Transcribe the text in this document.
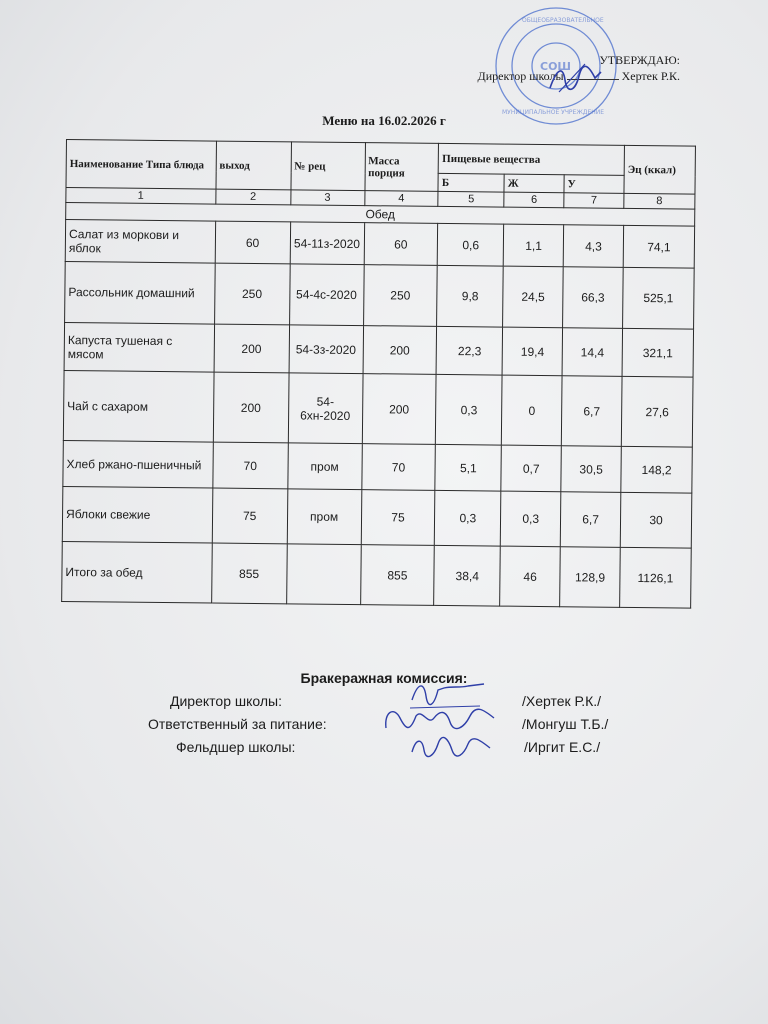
ОБЩЕОБРАЗОВАТЕЛЬНОЕ
МУНИЦИПАЛЬНОЕ УЧРЕЖДЕНИЕ
СОШ	УТВЕРЖДАЮ:
Директор школы	Хертек Р.К.
Меню на 16.02.2026 г
Наименование Типа блюда	выход	№ рец	Масса порция	Пищевые вещества			Эц (ккал)
				Б	Ж	У	
1	2	3	4	5	6	7	8
Обед							
Салат из моркови и яблок	60	54-11з-2020	60	0,6	1,1	4,3	74,1
Рассольник домашний	250	54-4с-2020	250	9,8	24,5	66,3	525,1
Капуста тушеная с мясом	200	54-3з-2020	200	22,3	19,4	14,4	321,1
Чай с сахаром	200	54-6хн-2020	200	0,3	0	6,7	27,6
Хлеб ржано-пшеничный	70	пром	70	5,1	0,7	30,5	148,2
Яблоки свежие	75	пром	75	0,3	0,3	6,7	30
Итого за обед	855		855	38,4	46	128,9	1126,1
Бракеражная комиссия:
Директор школы:	/Хертек Р.К./
Ответственный за питание:	/Монгуш Т.Б./
Фельдшер школы:	/Иргит Е.С./
